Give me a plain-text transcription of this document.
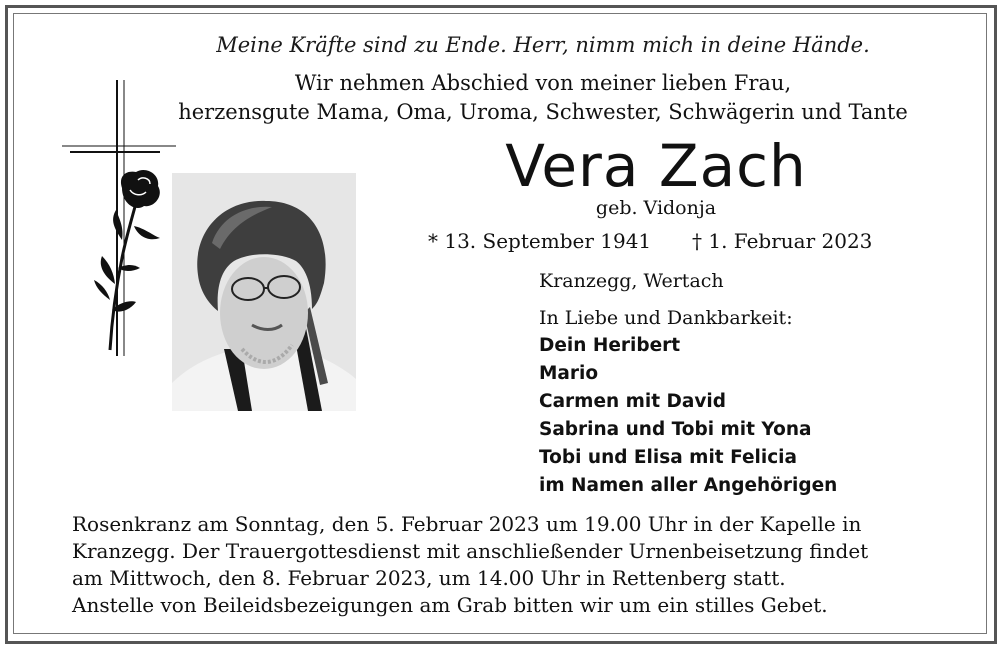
Meine Kräfte sind zu Ende. Herr, nimm mich in deine Hände.
Wir nehmen Abschied von meiner lieben Frau,
herzensgute Mama, Oma, Uroma, Schwester, Schwägerin und Tante
Vera Zach
geb. Vidonja
* 13. September 1941 † 1. Februar 2023
Kranzegg, Wertach
In Liebe und Dankbarkeit:
Dein Heribert
Mario
Carmen mit David
Sabrina und Tobi mit Yona
Tobi und Elisa mit Felicia
im Namen aller Angehörigen
Rosenkranz am Sonntag, den 5. Februar 2023 um 19.00 Uhr in der Kapelle in
Kranzegg. Der Trauergottesdienst mit anschließender Urnenbeisetzung findet
am Mittwoch, den 8. Februar 2023, um 14.00 Uhr in Rettenberg statt.
Anstelle von Beileidsbezeigungen am Grab bitten wir um ein stilles Gebet.
